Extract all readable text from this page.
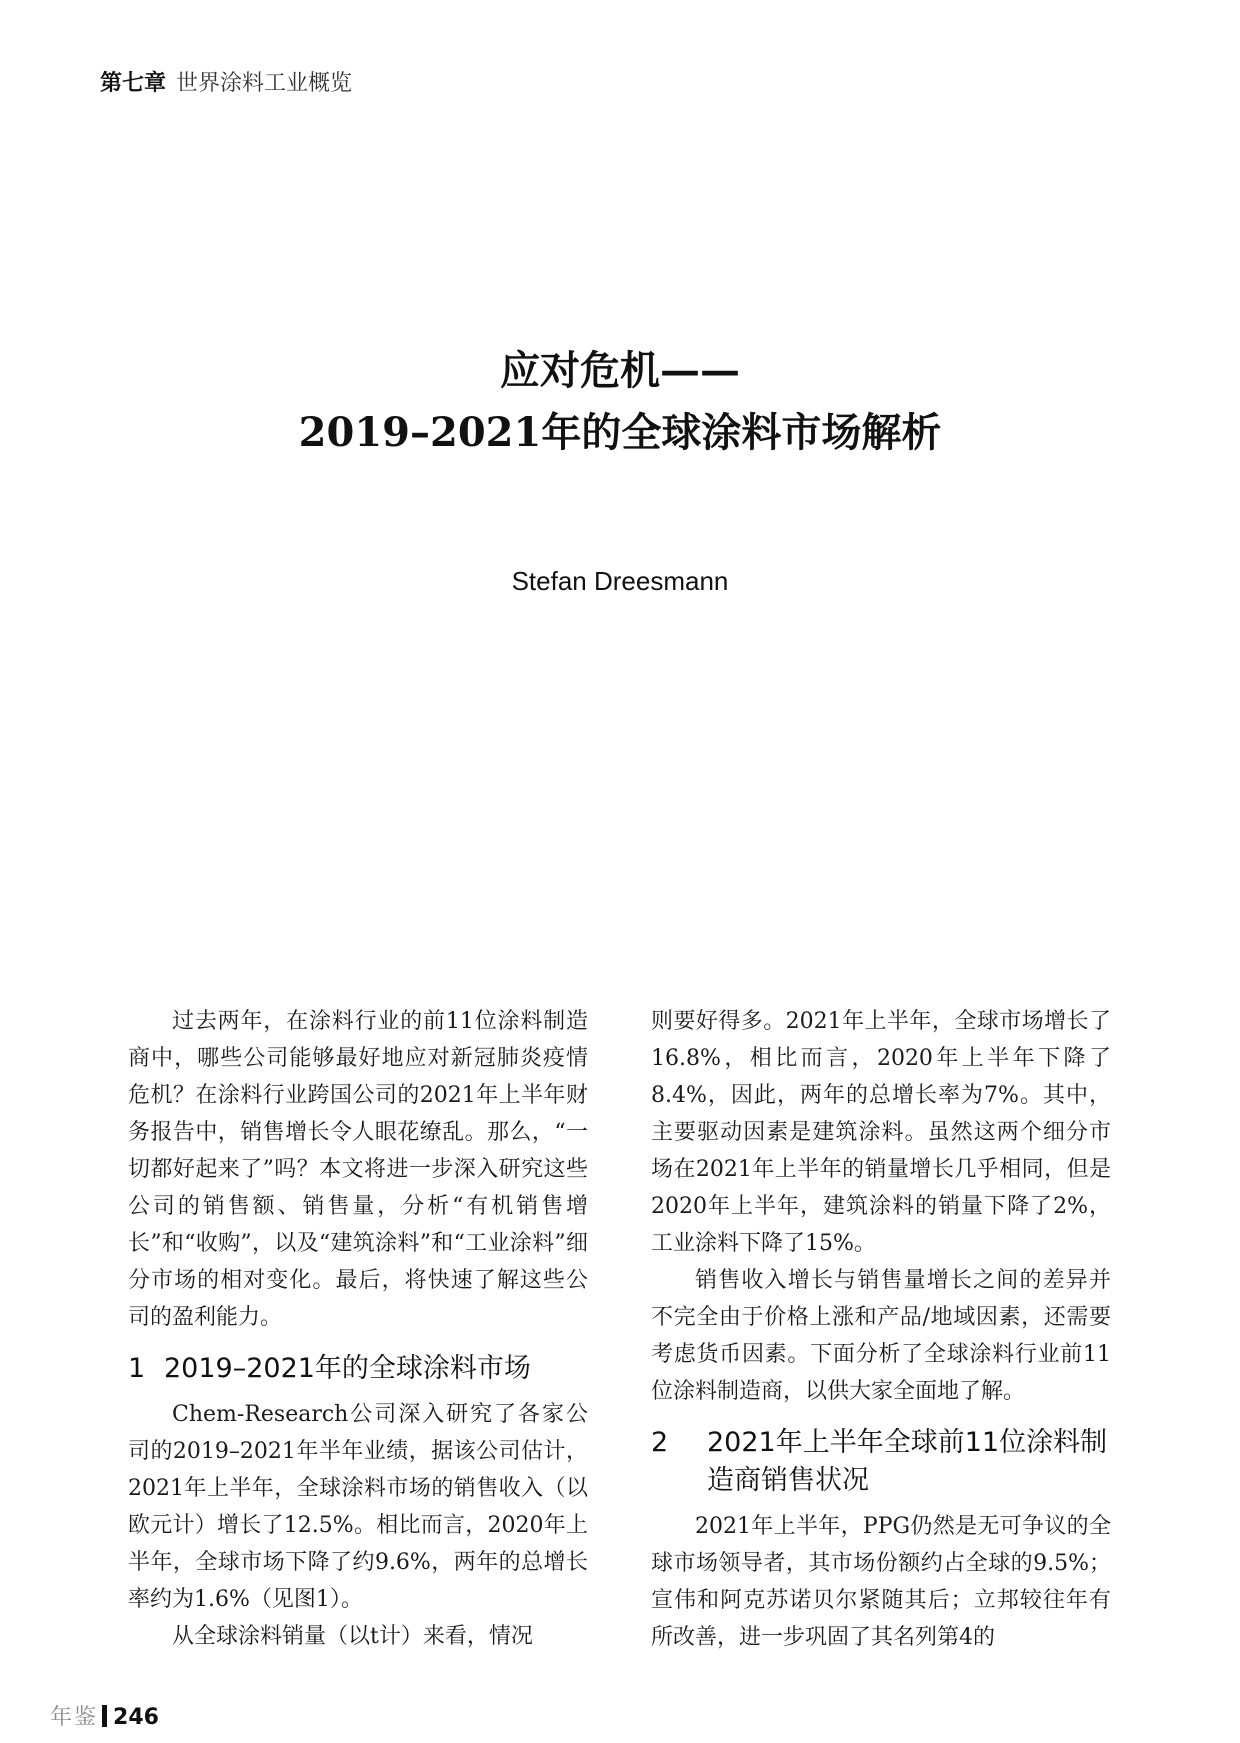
第七章 世界涂料工业概览
应对危机——
2019–2021年的全球涂料市场解析
Stefan Dreesmann

过去两年，在涂料行业的前11位涂料制造商中，哪些公司能够最好地应对新冠肺炎疫情危机？在涂料行业跨国公司的2021年上半年财务报告中，销售增长令人眼花缭乱。那么，“一切都好起来了”吗？本文将进一步深入研究这些公司的销售额、销售量，分析“有机销售增长”和“收购”，以及“建筑涂料”和“工业涂料”细分市场的相对变化。最后，将快速了解这些公司的盈利能力。

1 2019–2021年的全球涂料市场

Chem-Research公司深入研究了各家公司的2019–2021年半年业绩，据该公司估计，2021年上半年，全球涂料市场的销售收入（以欧元计）增长了12.5%。相比而言，2020年上半年，全球市场下降了约9.6%，两年的总增长率约为1.6%（见图1）。

从全球涂料销量（以t计）来看，情况

则要好得多。2021年上半年，全球市场增长了16.8%，相比而言，2020年上半年下降了8.4%，因此，两年的总增长率为7%。其中，主要驱动因素是建筑涂料。虽然这两个细分市场在2021年上半年的销量增长几乎相同，但是2020年上半年，建筑涂料的销量下降了2%，工业涂料下降了15%。

销售收入增长与销售量增长之间的差异并不完全由于价格上涨和产品/地域因素，还需要考虑货币因素。下面分析了全球涂料行业前11位涂料制造商，以供大家全面地了解。

2	2021年上半年全球前11位涂料制造商销售状况

2021年上半年，PPG仍然是无可争议的全球市场领导者，其市场份额约占全球的9.5%；宣伟和阿克苏诺贝尔紧随其后；立邦较往年有所改善，进一步巩固了其名列第4的

年鉴 246
